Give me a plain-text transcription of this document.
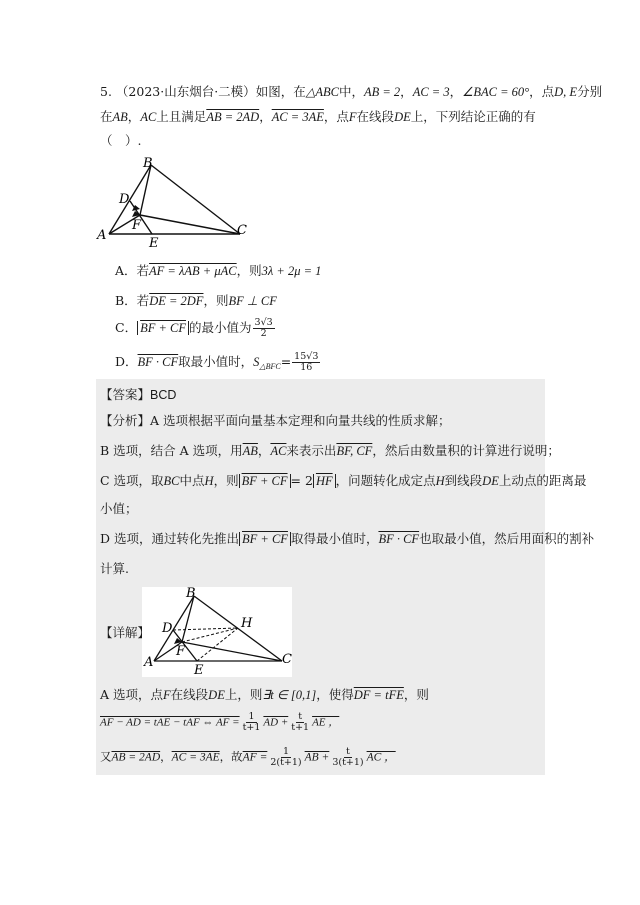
5. （2023·山东烟台·二模）如图，在△ABC中，AB = 2，AC = 3，∠BAC = 60°，点D, E分别
在AB，AC上且满足AB = 2AD，AC = 3AE，点F在线段DE上，下列结论正确的有
（　）.
B
D
F
A
E
C
A．若AF = λAB + μAC，则3λ + 2μ = 1
B．若DE = 2DF，则BF ⊥ CF
C． BF + CF 的最小值为 $\frac{3√3}{2}$
D．BF · CF取最小值时，$S_{\triangle BFC}= \frac{15√3}{16}$
【答案】BCD
【分析】A 选项根据平面向量基本定理和向量共线的性质求解；
B 选项，结合 A 选项，用$\overline{AB}$，$\overline{AC}$来表示出BF, CF，然后由数量积的计算进行说明；
C 选项，取BC中点H，则 BF + CF = 2 $\overline{HF}$ ，问题转化成定点H到线段DE上动点的距离最
小值；
D 选项，通过转化先推出 BF + CF 取得最小值时，BF · CF也取最小值，然后用面积的割补
计算.
【详解】
B
H
D
F
A
E
C
A 选项，点F在线段DE上，则∃t ∈ [0,1]，使得DF = tFE，则
AF − AD = tAE − tAF ⇔ AF = $\frac{1}{t+1}$ AD + $\frac{t}{t+1}$ AE ，
又AB = 2AD，AC = 3AE，故AF = $\frac{1}{2(t+1)}$ AB + $\frac{t}{3(t+1)}$ AC ，
